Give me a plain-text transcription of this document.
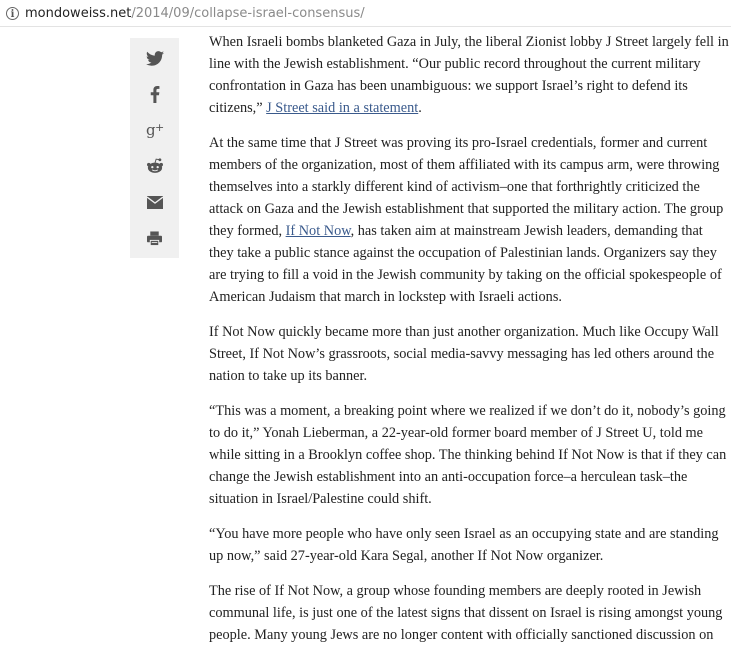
i mondoweiss.net /2014/09/collapse-israel-consensus/
g +

When Israeli bombs blanketed Gaza in July, the liberal Zionist lobby J Street largely fell in line with the Jewish establishment. “Our public record throughout the current military confrontation in Gaza has been unambiguous: we support Israel’s right to defend its citizens,” J Street said in a statement.

At the same time that J Street was proving its pro-Israel credentials, former and current members of the organization, most of them affiliated with its campus arm, were throwing themselves into a starkly different kind of activism–one that forthrightly criticized the attack on Gaza and the Jewish establishment that supported the military action. The group they formed, If Not Now, has taken aim at mainstream Jewish leaders, demanding that they take a public stance against the occupation of Palestinian lands. Organizers say they are trying to fill a void in the Jewish community by taking on the official spokespeople of American Judaism that march in lockstep with Israeli actions.

If Not Now quickly became more than just another organization. Much like Occupy Wall Street, If Not Now’s grassroots, social media-savvy messaging has led others around the nation to take up its banner.

“This was a moment, a breaking point where we realized if we don’t do it, nobody’s going to do it,” Yonah Lieberman, a 22-year-old former board member of J Street U, told me while sitting in a Brooklyn coffee shop. The thinking behind If Not Now is that if they can change the Jewish establishment into an anti-occupation force–a herculean task–the situation in Israel/Palestine could shift.

“You have more people who have only seen Israel as an occupying state and are standing up now,” said 27-year-old Kara Segal, another If Not Now organizer.

The rise of If Not Now, a group whose founding members are deeply rooted in Jewish communal life, is just one of the latest signs that dissent on Israel is rising amongst young people. Many young Jews are no longer content with officially sanctioned discussion on
